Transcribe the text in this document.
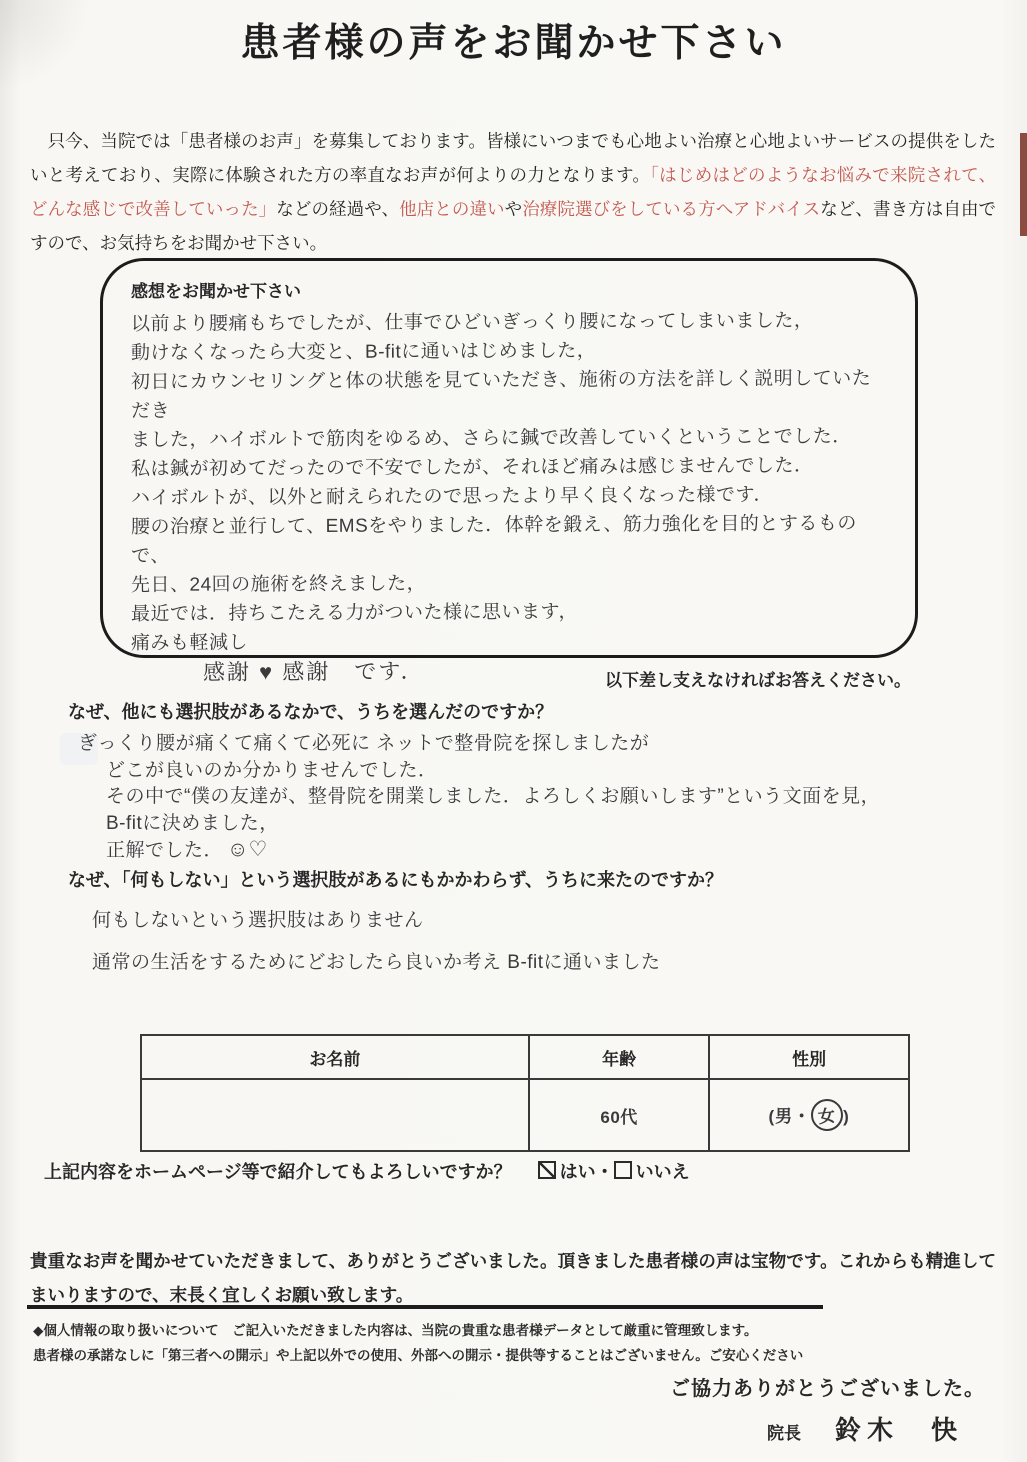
患者様の声をお聞かせ下さい

　只今、当院では「患者様のお声」を募集しております。皆様にいつまでも心地よい治療と心地よいサービスの提供をしたいと考えており、実際に体験された方の率直なお声が何よりの力となります。「はじめはどのようなお悩みで来院されて、どんな感じで改善していった」などの経過や、他店との違いや治療院選びをしている方へアドバイスなど、書き方は自由ですので、お気持ちをお聞かせ下さい。

感想をお聞かせ下さい
以前より腰痛もちでしたが、仕事でひどいぎっくり腰になってしまいました，
動けなくなったら大変と、B-fitに通いはじめました，
初日にカウンセリングと体の状態を見ていただき、施術の方法を詳しく説明していただき
ました，ハイボルトで筋肉をゆるめ、さらに鍼で改善していくということでした．
私は鍼が初めてだったので不安でしたが、それほど痛みは感じませんでした．
ハイボルトが、以外と耐えられたので思ったより早く良くなった様です．
腰の治療と並行して、EMSをやりました．体幹を鍛え、筋力強化を目的とするもので、
先日、24回の施術を終えました，
最近では．持ちこたえる力がついた様に思います，
痛みも軽減し
感謝 ♥ 感謝　です．	以下差し支えなければお答えください。
なぜ、他にも選択肢があるなかで、うちを選んだのですか？
ぎっくり腰が痛くて痛くて必死に ネットで整骨院を探しましたが
どこが良いのか分かりませんでした．
その中で“僕の友達が、整骨院を開業しました．よろしくお願いします”という文面を見，
B-fitに決めました，
正解でした． ☺♡
なぜ、「何もしない」という選択肢があるにもかかわらず、うちに来たのですか？
何もしないという選択肢はありません
通常の生活をするためにどおしたら良いか考え B-fitに通いました
お名前	年齢	性別
	60代	(男・ 女 )
上記内容をホームページ等で紹介してもよろしいですか？	はい・ いいえ

貴重なお声を聞かせていただきまして、ありがとうございました。頂きました患者様の声は宝物です。これからも精進してまいりますので、末長く宜しくお願い致します。

◆個人情報の取り扱いについて　ご記入いただきました内容は、当院の貴重な患者様データとして厳重に管理致します。
患者様の承諾なしに「第三者への開示」や上記以外での使用、外部への開示・提供等することはございません。ご安心ください
ご協力ありがとうございました。
院長 鈴木　快
